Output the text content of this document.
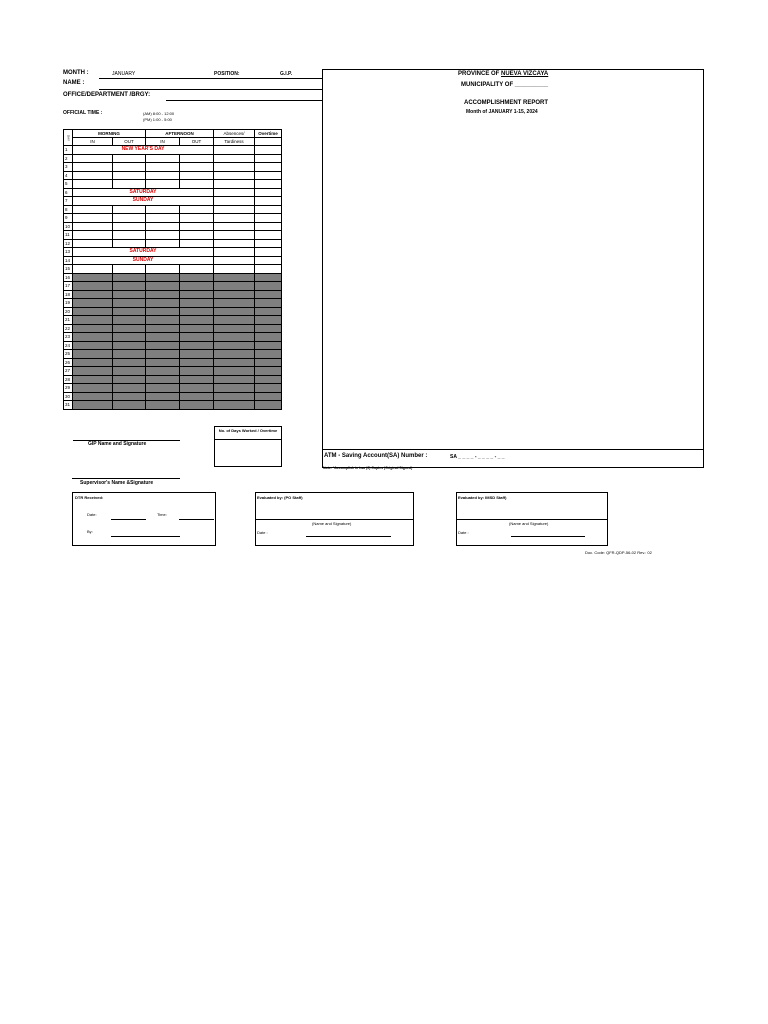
MONTH :	JANUARY	POSITION:	G.I.P.
NAME :
OFFICE/DEPARTMENT /BRGY:
OFFICIAL TIME :	(AM) 8:00 - 12:00
(PM) 1:00 - 5:00
DAY	MORNING		AFTERNOON		Absences/	Overtime
	IN	OUT	IN	OUT	Tardiness	
1	NEW YEAR'S DAY					
2						
3						
4						
5						
6	SATURDAY					
7	SUNDAY					
8						
9						
10						
11						
12						
13	SATURDAY					
14	SUNDAY					
15						
16						
17						
18						
19						
20						
21						
22						
23						
24						
25						
26						
27						
28						
29						
30						
31						
No. of Days Worked / Overtime
GIP Name and Signature
Supervisor's Name &Signature
PROVINCE OF NUEVA VIZCAYA
MUNICIPALITY OF __________
ACCOMPLISHMENT REPORT
Month of JANUARY 1-15, 2024
ATM - Saving Account(SA) Number :	SA _ _ _ _ - _ _ _ _ - _ _
Note: *Accomplish in two (2) Copies (Original Signed)
DTR Received:
Date:	Time:
By:
Evaluated by: (PO Staff)
(Name and Signature)
Date :
Evaluated by: IMSD Staff)
(Name and Signature)
Date :
Doc. Code: QFR-QDP-56-02 Rev.: 02
